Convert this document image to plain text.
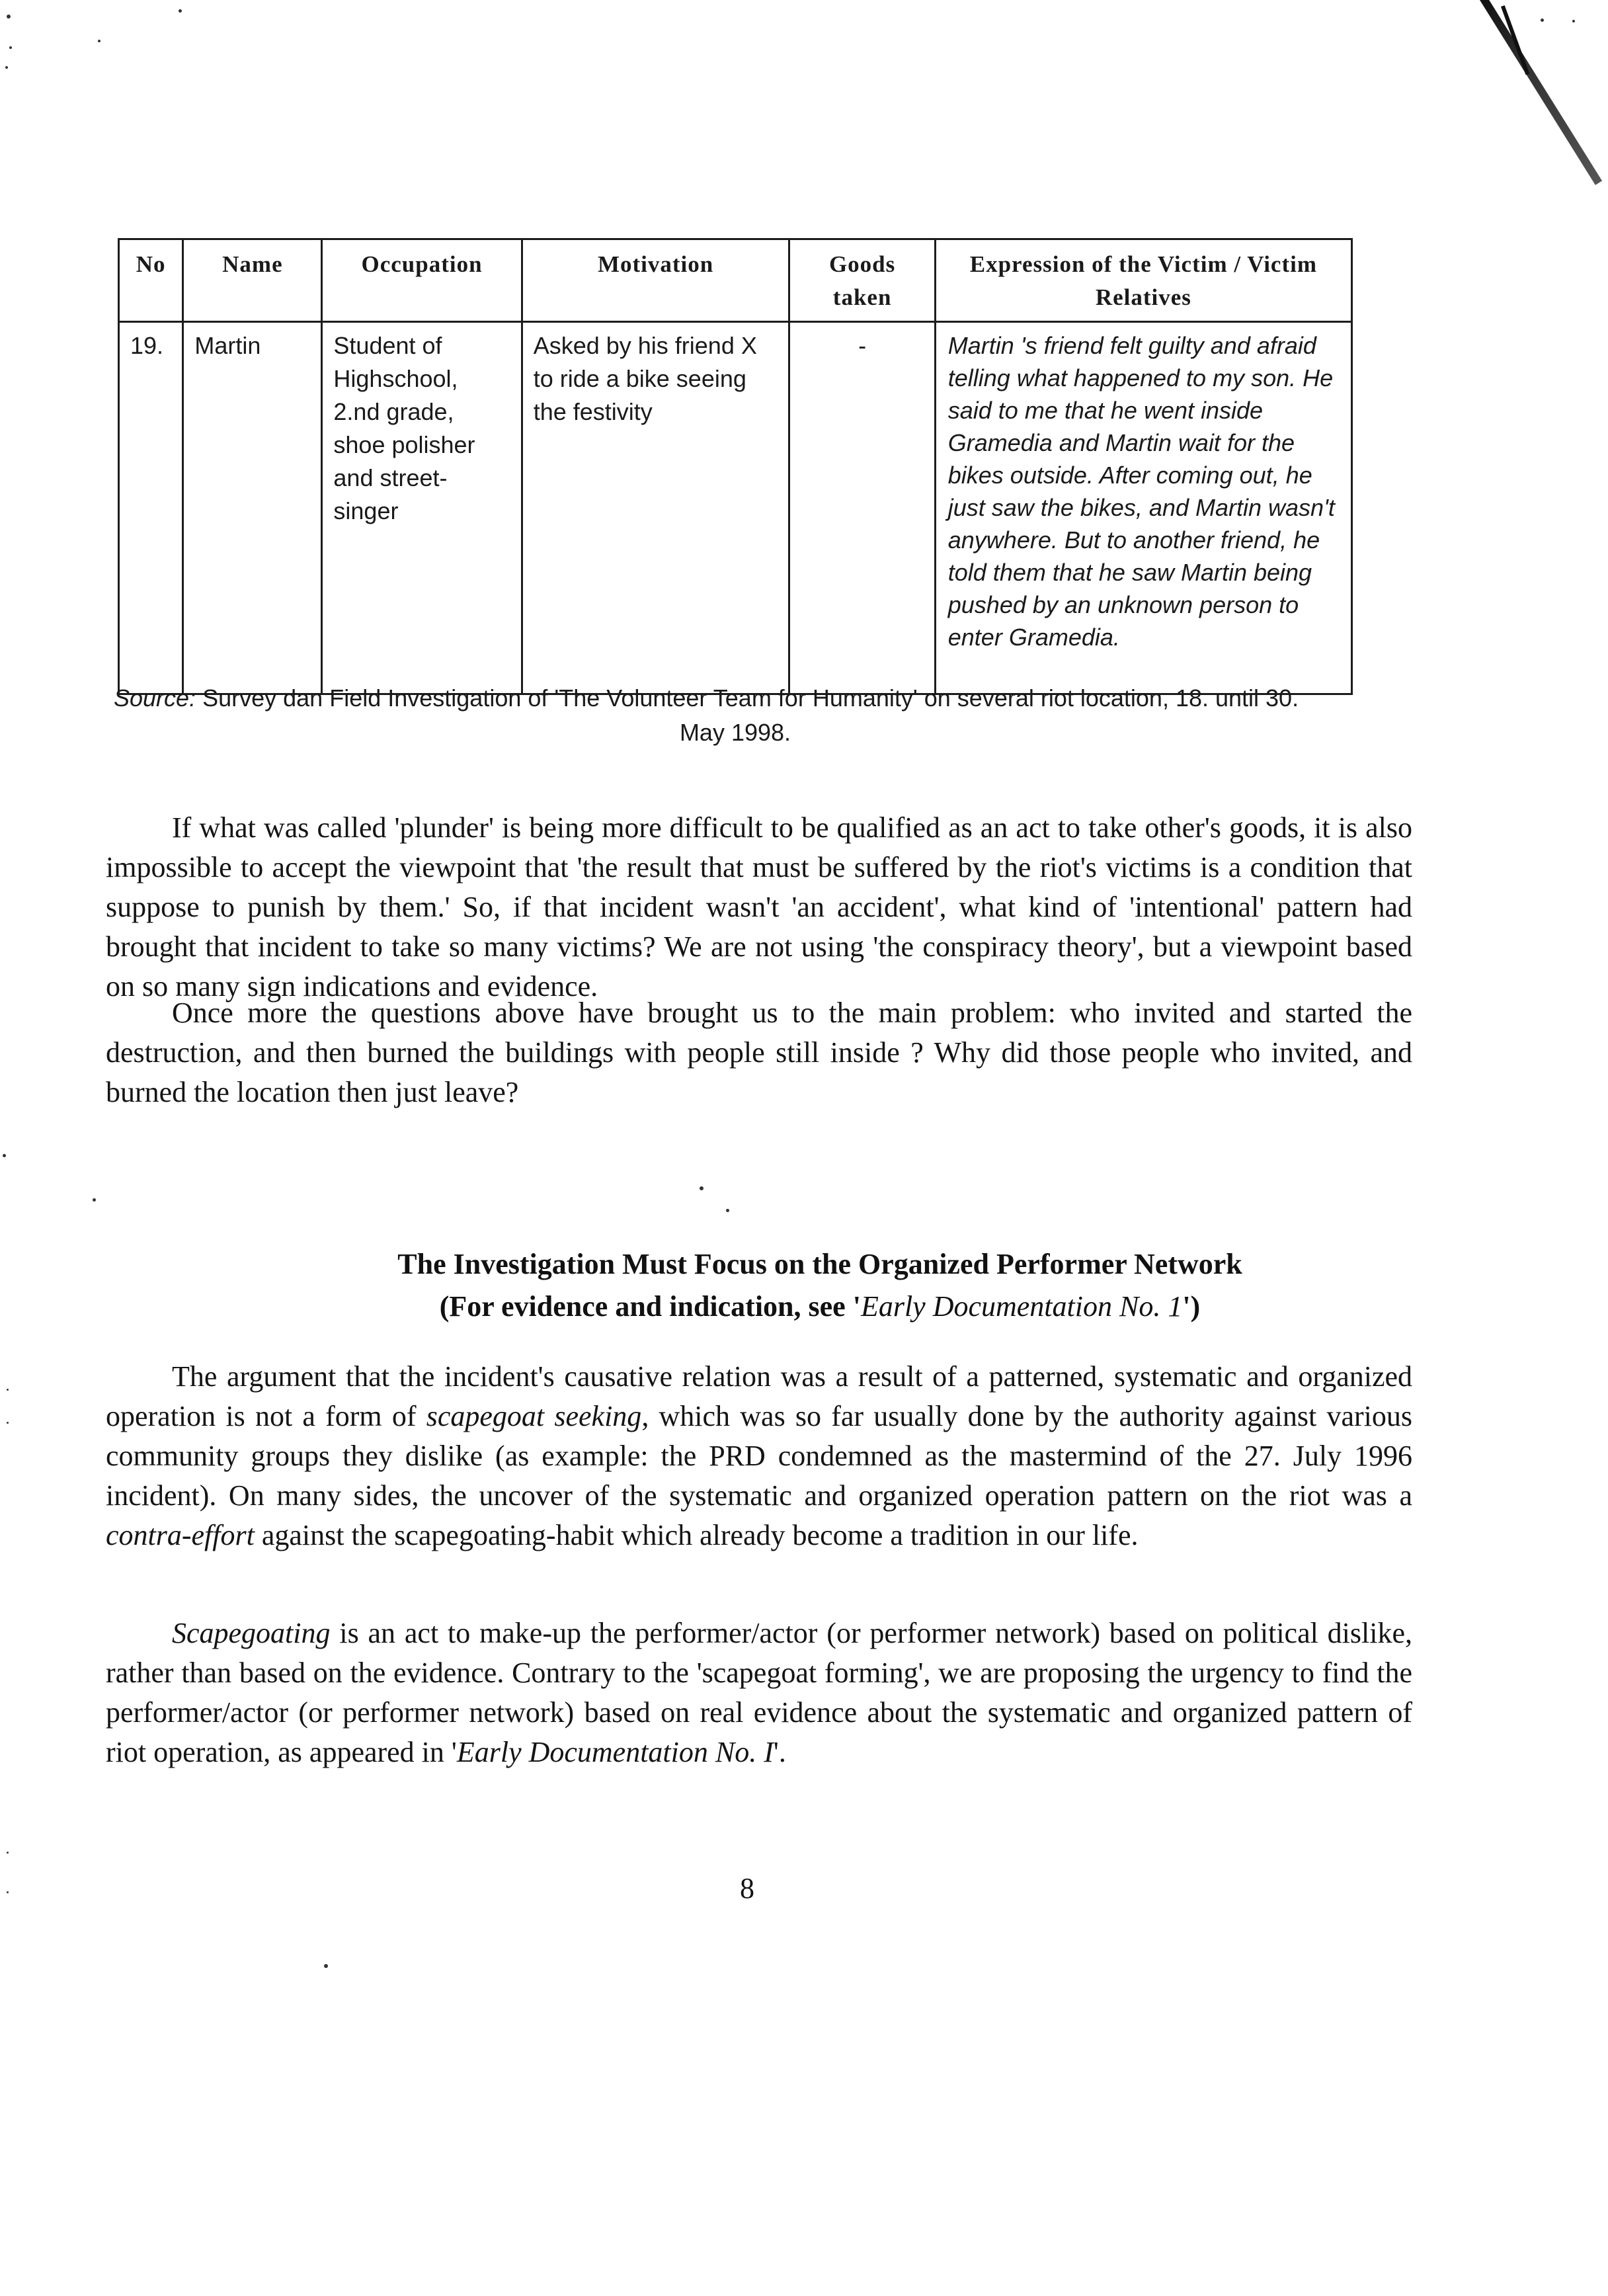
No	Name	Occupation	Motivation	Goods taken	Expression of the Victim / Victim Relatives
19.	Martin	Student of Highschool, 2.nd grade, shoe polisher and street-singer	Asked by his friend X to ride a bike seeing the festivity	-	Martin 's friend felt guilty and afraid telling what happened to my son. He said to me that he went inside Gramedia and Martin wait for the bikes outside. After coming out, he just saw the bikes, and Martin wasn't anywhere. But to another friend, he told them that he saw Martin being pushed by an unknown person to enter Gramedia.
Source: Survey dan Field Investigation of 'The Volunteer Team for Humanity' on several riot location, 18. until 30.
May 1998.
If what was called 'plunder' is being more difficult to be qualified as an act to take other's goods, it is also impossible to accept the viewpoint that 'the result that must be suffered by the riot's victims is a condition that suppose to punish by them.' So, if that incident wasn't 'an accident', what kind of 'intentional' pattern had brought that incident to take so many victims? We are not using 'the conspiracy theory', but a viewpoint based on so many sign indications and evidence.
Once more the questions above have brought us to the main problem: who invited and started the destruction, and then burned the buildings with people still inside ? Why did those people who invited, and burned the location then just leave?
The Investigation Must Focus on the Organized Performer Network
(For evidence and indication, see 'Early Documentation No. 1')
The argument that the incident's causative relation was a result of a patterned, systematic and organized operation is not a form of scapegoat seeking, which was so far usually done by the authority against various community groups they dislike (as example: the PRD condemned as the mastermind of the 27. July 1996 incident). On many sides, the uncover of the systematic and organized operation pattern on the riot was a contra-effort against the scapegoating-habit which already become a tradition in our life.
Scapegoating is an act to make-up the performer/actor (or performer network) based on political dislike, rather than based on the evidence. Contrary to the 'scapegoat forming', we are proposing the urgency to find the performer/actor (or performer network) based on real evidence about the systematic and organized pattern of riot operation, as appeared in 'Early Documentation No. I'.
8
